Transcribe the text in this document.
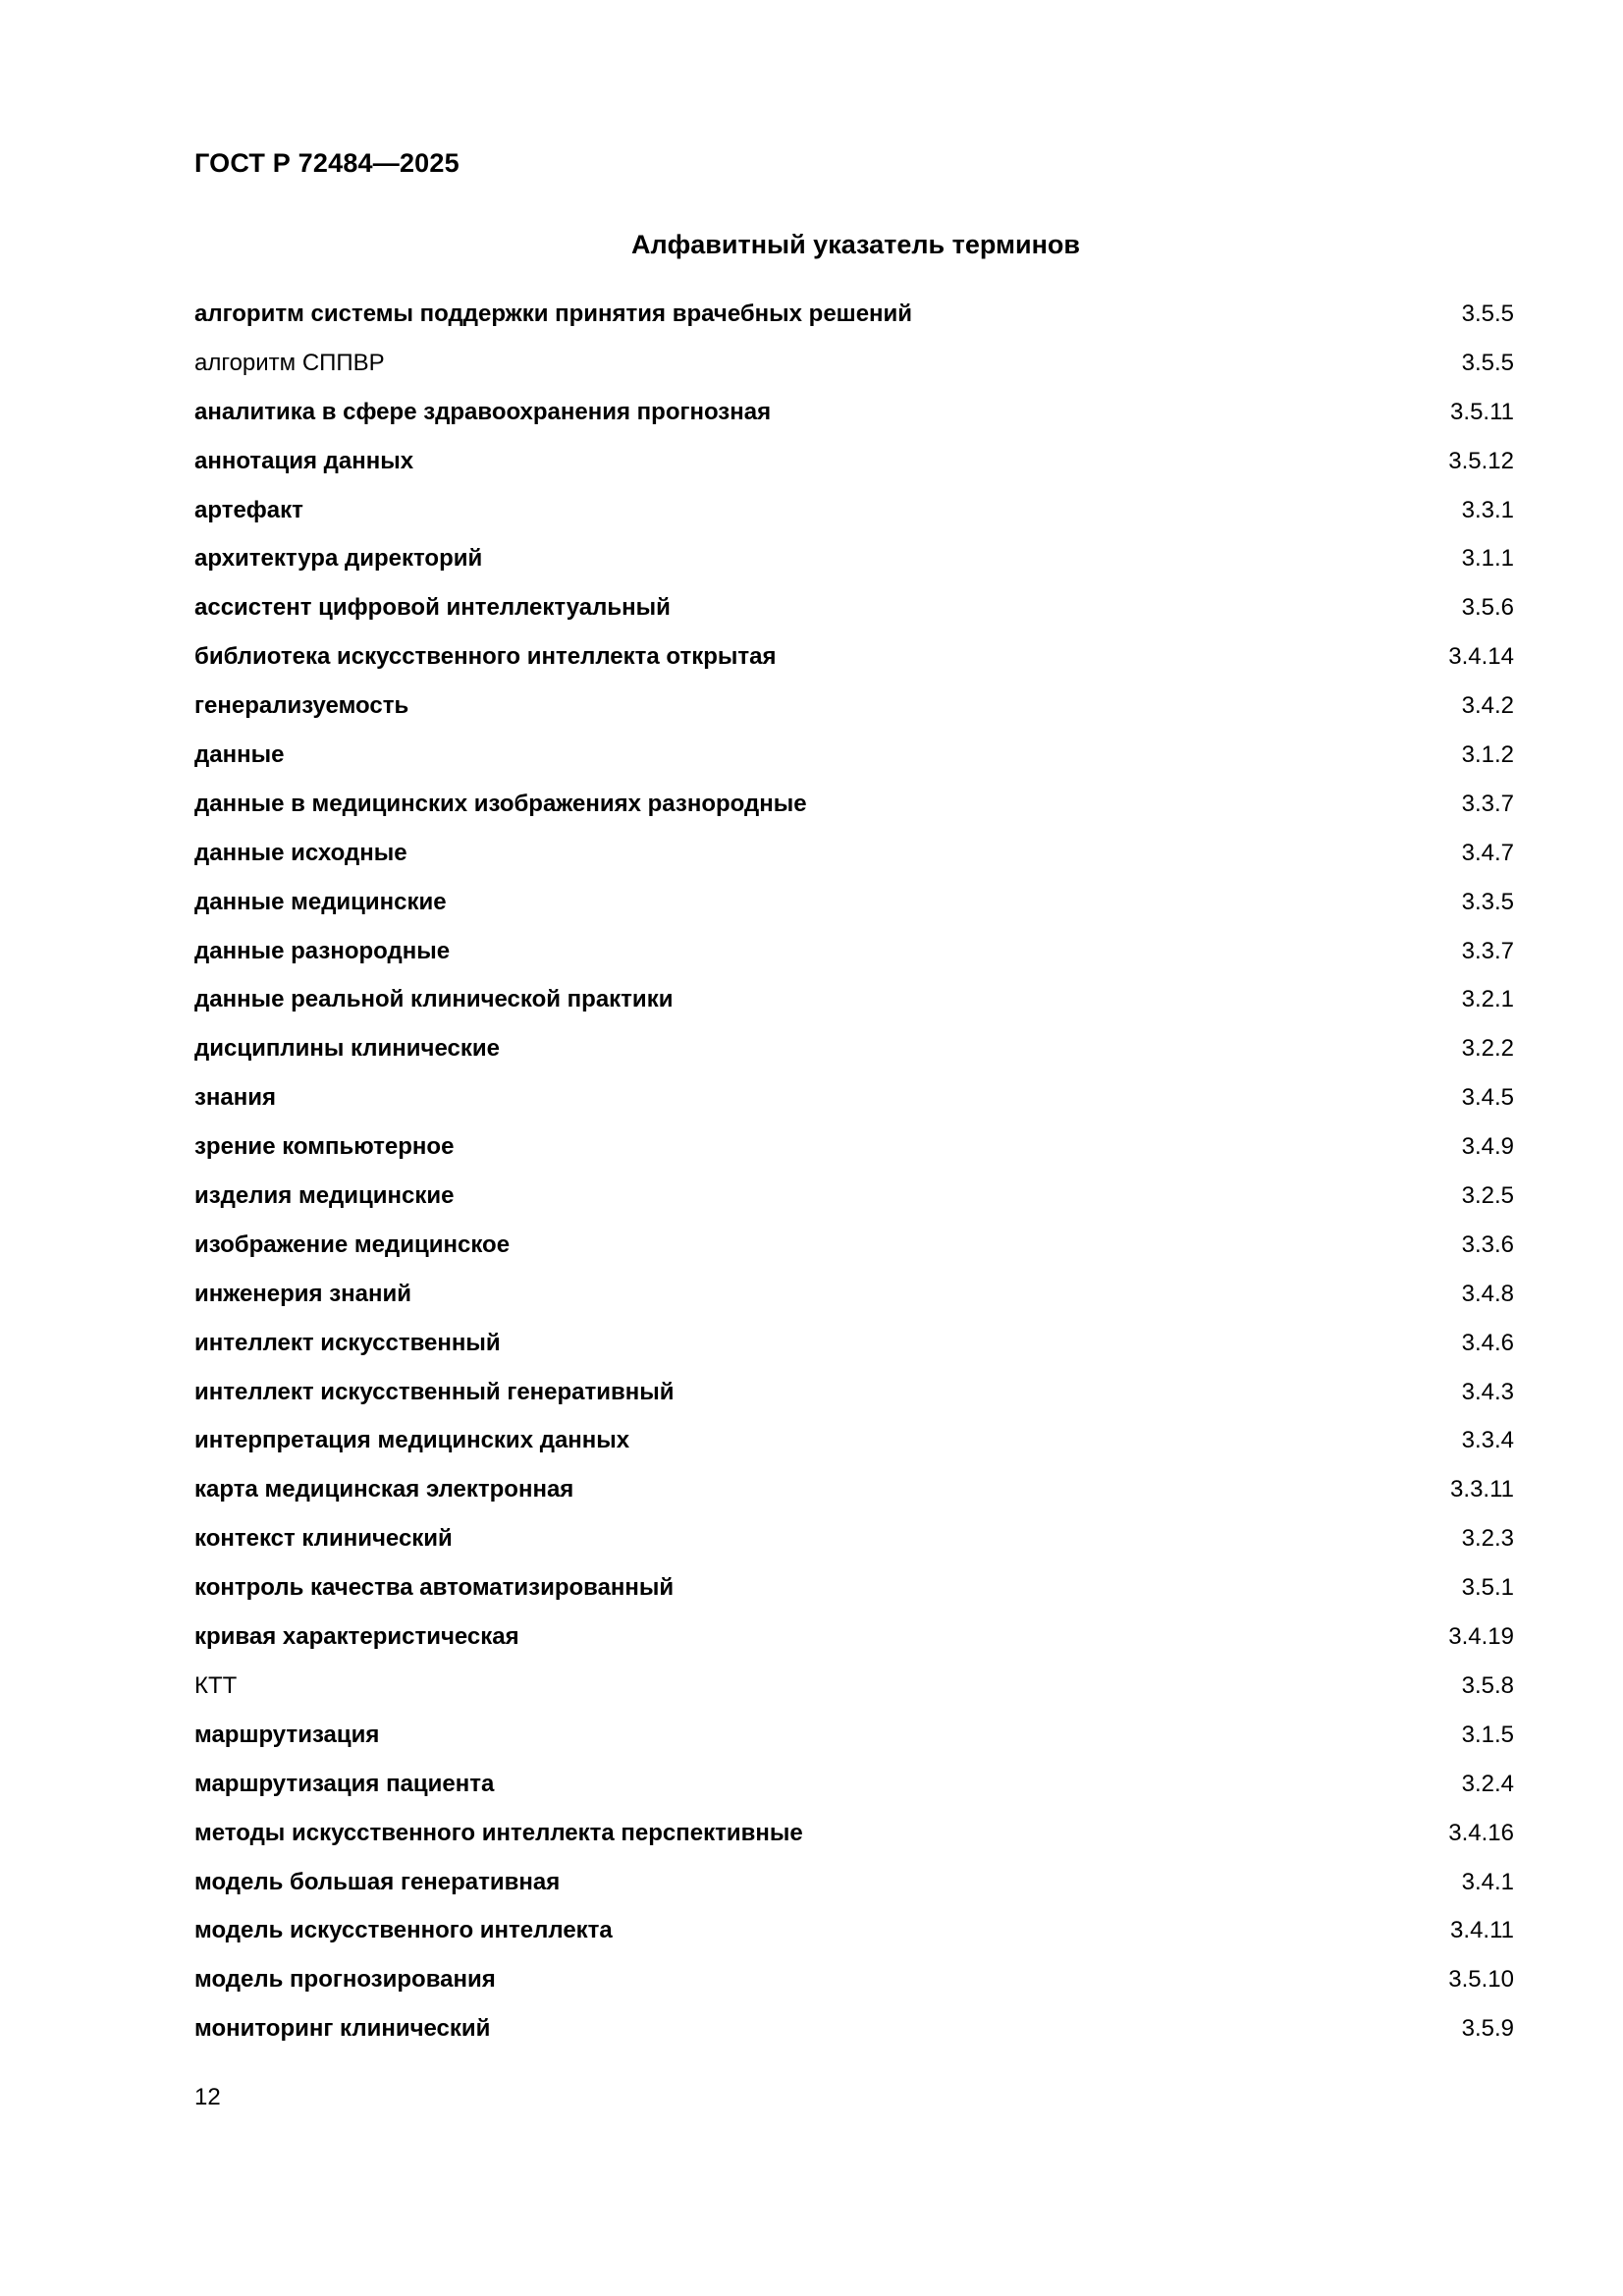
ГОСТ Р 72484—2025
Алфавитный указатель терминов
алгоритм системы поддержки принятия врачебных решений	3.5.5
алгоритм СППВР	3.5.5
аналитика в сфере здравоохранения прогнозная	3.5.11
аннотация данных	3.5.12
артефакт	3.3.1
архитектура директорий	3.1.1
ассистент цифровой интеллектуальный	3.5.6
библиотека искусственного интеллекта открытая	3.4.14
генерализуемость	3.4.2
данные	3.1.2
данные в медицинских изображениях разнородные	3.3.7
данные исходные	3.4.7
данные медицинские	3.3.5
данные разнородные	3.3.7
данные реальной клинической практики	3.2.1
дисциплины клинические	3.2.2
знания	3.4.5
зрение компьютерное	3.4.9
изделия медицинские	3.2.5
изображение медицинское	3.3.6
инженерия знаний	3.4.8
интеллект искусственный	3.4.6
интеллект искусственный генеративный	3.4.3
интерпретация медицинских данных	3.3.4
карта медицинская электронная	3.3.11
контекст клинический	3.2.3
контроль качества автоматизированный	3.5.1
кривая характеристическая	3.4.19
КТТ	3.5.8
маршрутизация	3.1.5
маршрутизация пациента	3.2.4
методы искусственного интеллекта перспективные	3.4.16
модель большая генеративная	3.4.1
модель искусственного интеллекта	3.4.11
модель прогнозирования	3.5.10
мониторинг клинический	3.5.9
12
